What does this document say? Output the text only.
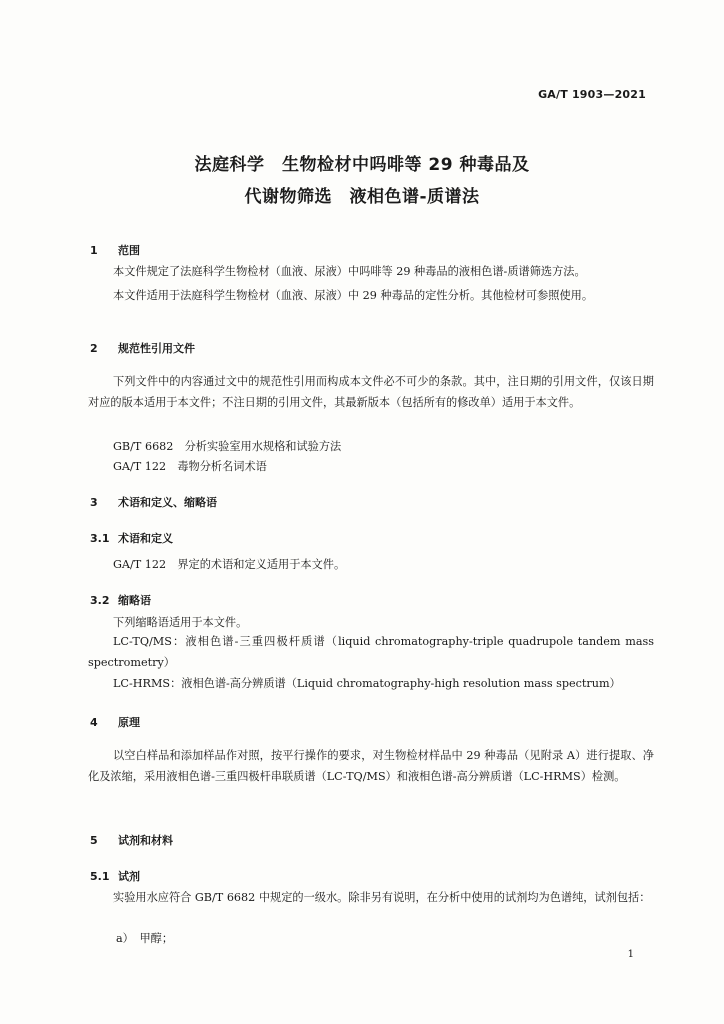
GA/T 1903—2021
法庭科学　生物检材中吗啡等 29 种毒品及
代谢物筛选　液相色谱-质谱法
1 范围
本文件规定了法庭科学生物检材（血液、尿液）中吗啡等 29 种毒品的液相色谱-质谱筛选方法。
本文件适用于法庭科学生物检材（血液、尿液）中 29 种毒品的定性分析。其他检材可参照使用。
2 规范性引用文件
下列文件中的内容通过文中的规范性引用而构成本文件必不可少的条款。其中，注日期的引用文件，仅该日期对应的版本适用于本文件；不注日期的引用文件，其最新版本（包括所有的修改单）适用于本文件。
GB/T 6682　分析实验室用水规格和试验方法
GA/T 122　毒物分析名词术语
3 术语和定义、缩略语
3.1 术语和定义
GA/T 122　界定的术语和定义适用于本文件。
3.2 缩略语
下列缩略语适用于本文件。
LC-TQ/MS：液相色谱-三重四极杆质谱（liquid chromatography-triple quadrupole tandem mass spectrometry）
LC-HRMS：液相色谱-高分辨质谱（Liquid chromatography-high resolution mass spectrum）
4 原理
以空白样品和添加样品作对照，按平行操作的要求，对生物检材样品中 29 种毒品（见附录 A）进行提取、净化及浓缩，采用液相色谱-三重四极杆串联质谱（LC-TQ/MS）和液相色谱-高分辨质谱（LC-HRMS）检测。
5 试剂和材料
5.1 试剂
实验用水应符合 GB/T 6682 中规定的一级水。除非另有说明，在分析中使用的试剂均为色谱纯，试剂包括：
a）　甲醇；
1
